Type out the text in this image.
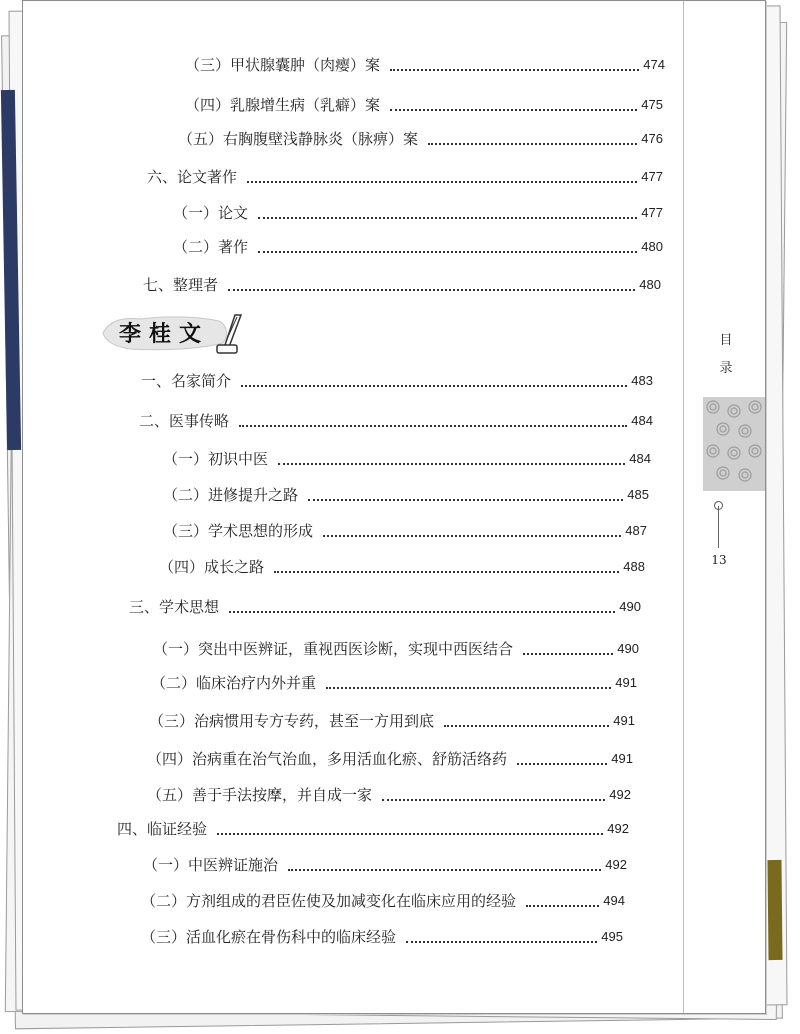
（三）甲状腺囊肿（肉瘿）案	474
（四）乳腺增生病（乳癖）案	475
（五）右胸腹壁浅静脉炎（脉痹）案	476
六、论文著作	477
（一）论文	477
（二）著作	480
七、整理者	480
李桂文
一、名家简介	483
二、医事传略	484
（一）初识中医	484
（二）进修提升之路	485
（三）学术思想的形成	487
（四）成长之路	488
三、学术思想	490
（一）突出中医辨证，重视西医诊断，实现中西医结合	490
（二）临床治疗内外并重	491
（三）治病惯用专方专药，甚至一方用到底	491
（四）治病重在治气治血，多用活血化瘀、舒筋活络药	491
（五）善于手法按摩，并自成一家	492
四、临证经验	492
（一）中医辨证施治	492
（二）方剂组成的君臣佐使及加减变化在临床应用的经验	494
（三）活血化瘀在骨伤科中的临床经验	495
目
录
13
